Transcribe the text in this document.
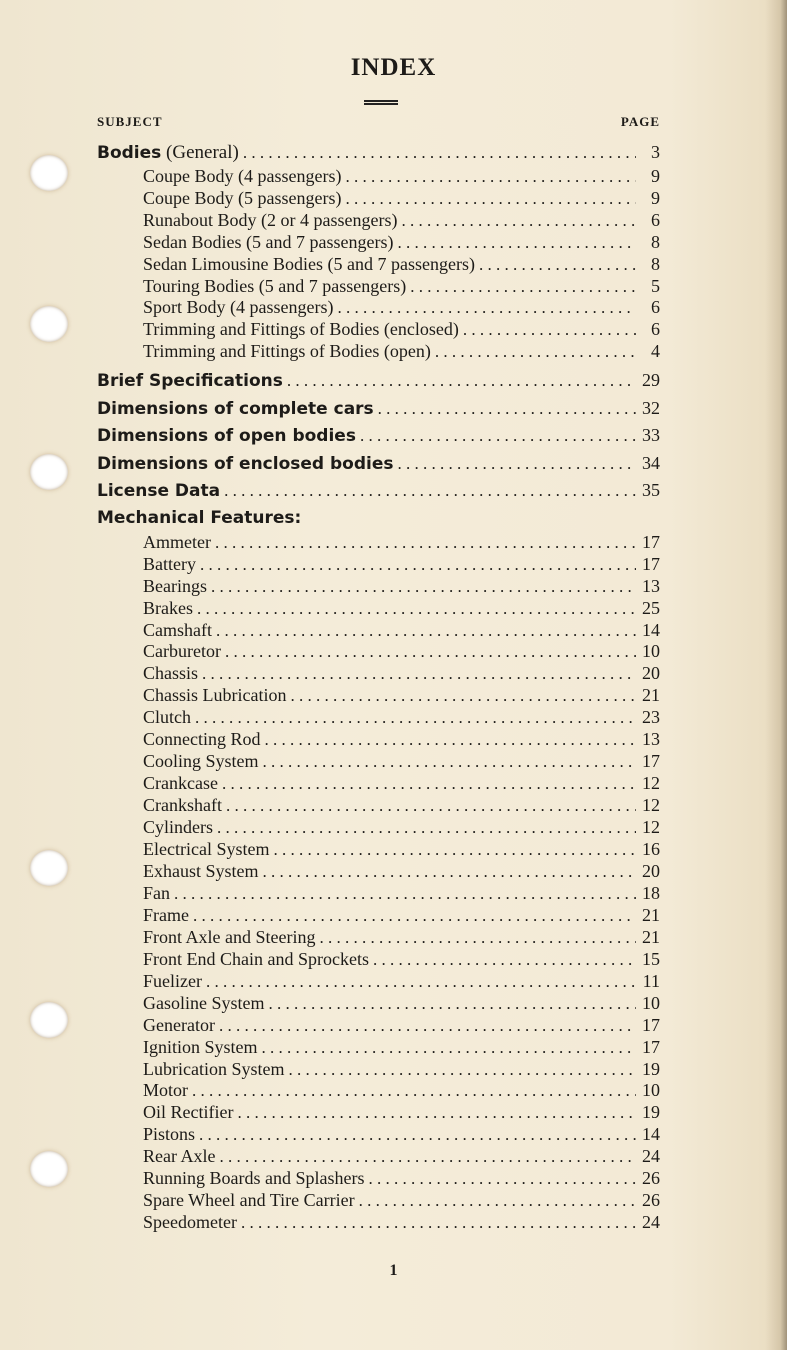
INDEX
SUBJECT	PAGE
Bodies (General) . . .	3
Coupe Body (4 passengers) . . .	9
Coupe Body (5 passengers) . . .	9
Runabout Body (2 or 4 passengers) . . .	6
Sedan Bodies (5 and 7 passengers) . . .	8
Sedan Limousine Bodies (5 and 7 passengers) . . .	8
Touring Bodies (5 and 7 passengers) . . .	5
Sport Body (4 passengers) . . .	6
Trimming and Fittings of Bodies (enclosed) . . .	6
Trimming and Fittings of Bodies (open) . . .	4
Brief Specifications . . .	29
Dimensions of complete cars . . .	32
Dimensions of open bodies . . .	33
Dimensions of enclosed bodies . . .	34
License Data . . .	35
Mechanical Features:
Ammeter . . .	17
Battery . . .	17
Bearings . . .	13
Brakes . . .	25
Camshaft . . .	14
Carburetor . . .	10
Chassis . . .	20
Chassis Lubrication . . .	21
Clutch . . .	23
Connecting Rod . . .	13
Cooling System . . .	17
Crankcase . . .	12
Crankshaft . . .	12
Cylinders . . .	12
Electrical System . . .	16
Exhaust System . . .	20
Fan . . .	18
Frame . . .	21
Front Axle and Steering . . .	21
Front End Chain and Sprockets . . .	15
Fuelizer . . .	11
Gasoline System . . .	10
Generator . . .	17
Ignition System . . .	17
Lubrication System . . .	19
Motor . . .	10
Oil Rectifier . . .	19
Pistons . . .	14
Rear Axle . . .	24
Running Boards and Splashers . . .	26
Spare Wheel and Tire Carrier . . .	26
Speedometer . . .	24
1
